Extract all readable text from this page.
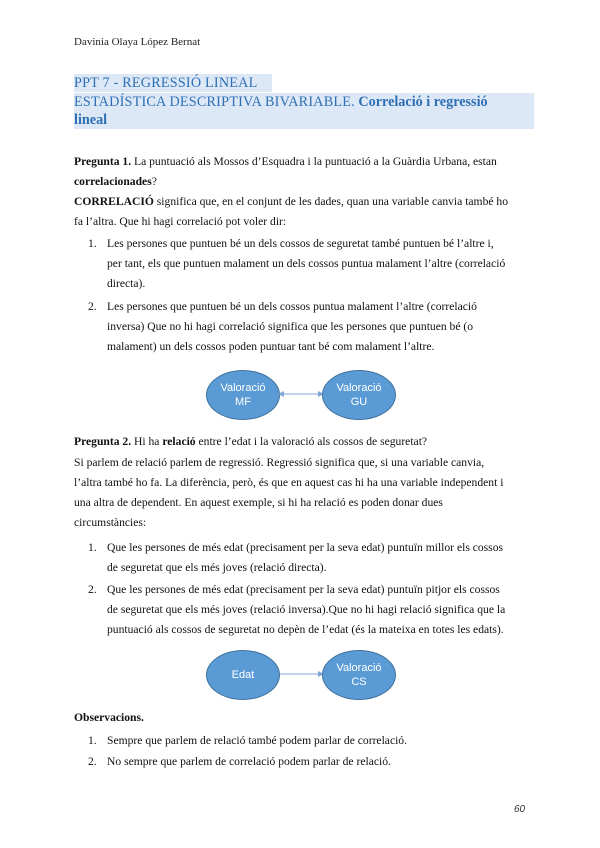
Davinia Olaya López Bernat
PPT 7 - REGRESSIÓ LINEAL
ESTADÍSTICA DESCRIPTIVA BIVARIABLE. Correlació i regressió
lineal
Pregunta 1. La puntuació als Mossos d’Esquadra i la puntuació a la Guàrdia Urbana, estan
correlacionades?
CORRELACIÓ significa que, en el conjunt de les dades, quan una variable canvia també ho
fa l’altra. Que hi hagi correlació pot voler dir:
1. Les persones que puntuen bé un dels cossos de seguretat també puntuen bé l’altre i,
per tant, els que puntuen malament un dels cossos puntua malament l’altre (correlació
directa).
2. Les persones que puntuen bé un dels cossos puntua malament l’altre (correlació
inversa) Que no hi hagi correlació significa que les persones que puntuen bé (o
malament) un dels cossos poden puntuar tant bé com malament l’altre.
Valoració
MF
Valoració
GU
Pregunta 2. Hi ha relació entre l’edat i la valoració als cossos de seguretat?
Si parlem de relació parlem de regressió. Regressió significa que, si una variable canvia,
l’altra també ho fa. La diferència, però, és que en aquest cas hi ha una variable independent i
una altra de dependent. En aquest exemple, si hi ha relació es poden donar dues
circumstàncies:
1. Que les persones de més edat (precisament per la seva edat) puntuïn millor els cossos
de seguretat que els més joves (relació directa).
2. Que les persones de més edat (precisament per la seva edat) puntuïn pitjor els cossos
de seguretat que els més joves (relació inversa).Que no hi hagi relació significa que la
puntuació als cossos de seguretat no depèn de l’edat (és la mateixa en totes les edats).
Edat
Valoració
CS
Observacions.
1. Sempre que parlem de relació també podem parlar de correlació.
2. No sempre que parlem de correlació podem parlar de relació.
60
